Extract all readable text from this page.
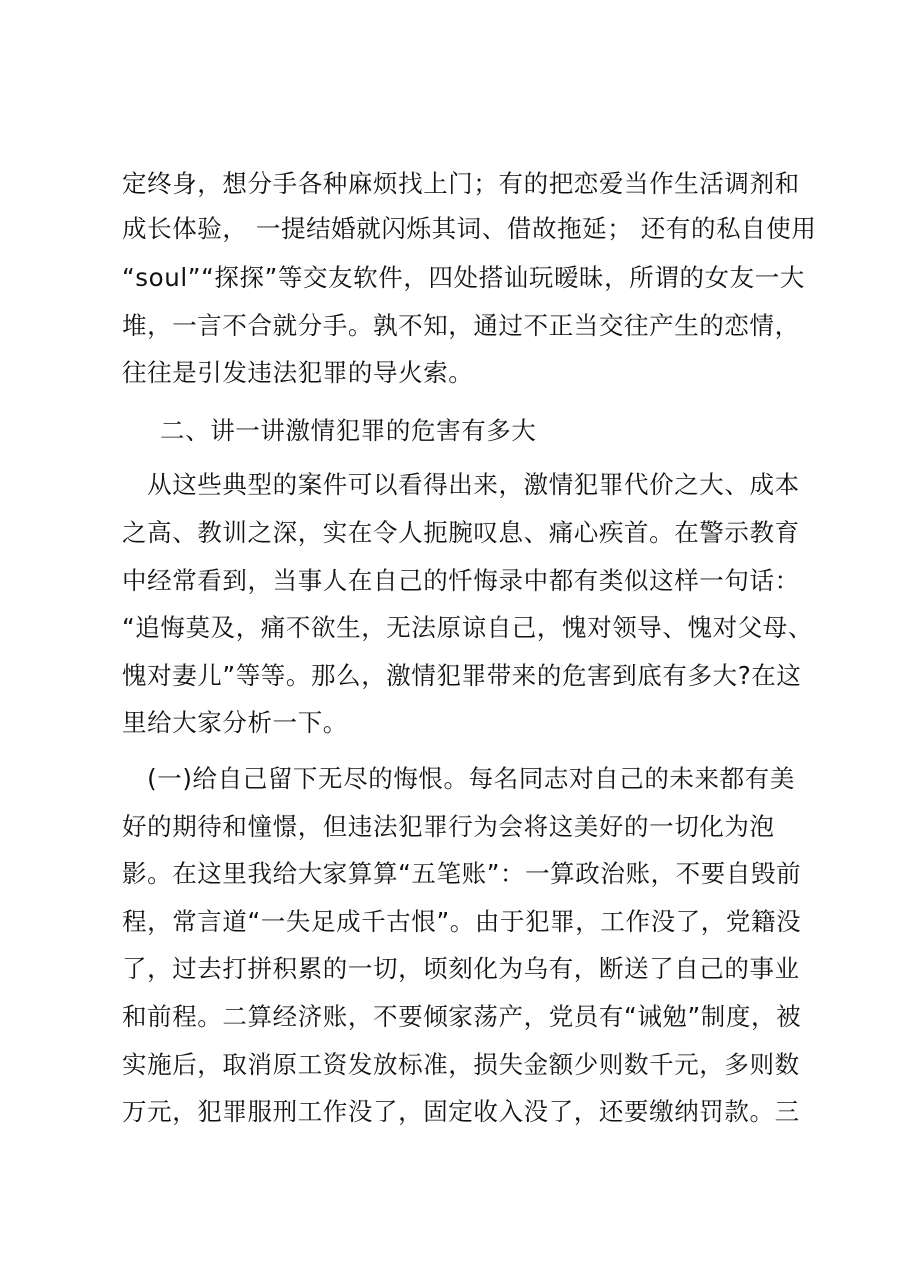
定终身，想分手各种麻烦找上门；有的把恋爱当作生活调剂和
成长体验， 一提结婚就闪烁其词、借故拖延； 还有的私自使用
“soul”“探探”等交友软件，四处搭讪玩暧昧，所谓的女友一大
堆，一言不合就分手。孰不知，通过不正当交往产生的恋情，
往往是引发违法犯罪的导火索。
二、讲一讲激情犯罪的危害有多大
　从这些典型的案件可以看得出来，激情犯罪代价之大、成本
之高、教训之深，实在令人扼腕叹息、痛心疾首。在警示教育
中经常看到，当事人在自己的忏悔录中都有类似这样一句话：
“追悔莫及，痛不欲生，无法原谅自己，愧对领导、愧对父母、
愧对妻儿”等等。那么，激情犯罪带来的危害到底有多大?在这
里给大家分析一下。
　(一)给自己留下无尽的悔恨。每名同志对自己的未来都有美
好的期待和憧憬，但违法犯罪行为会将这美好的一切化为泡
影。在这里我给大家算算“五笔账”：一算政治账，不要自毁前
程，常言道“一失足成千古恨”。由于犯罪，工作没了，党籍没
了，过去打拼积累的一切，顷刻化为乌有，断送了自己的事业
和前程。二算经济账，不要倾家荡产，党员有“诫勉”制度，被
实施后，取消原工资发放标准，损失金额少则数千元，多则数
万元，犯罪服刑工作没了，固定收入没了，还要缴纳罚款。三
